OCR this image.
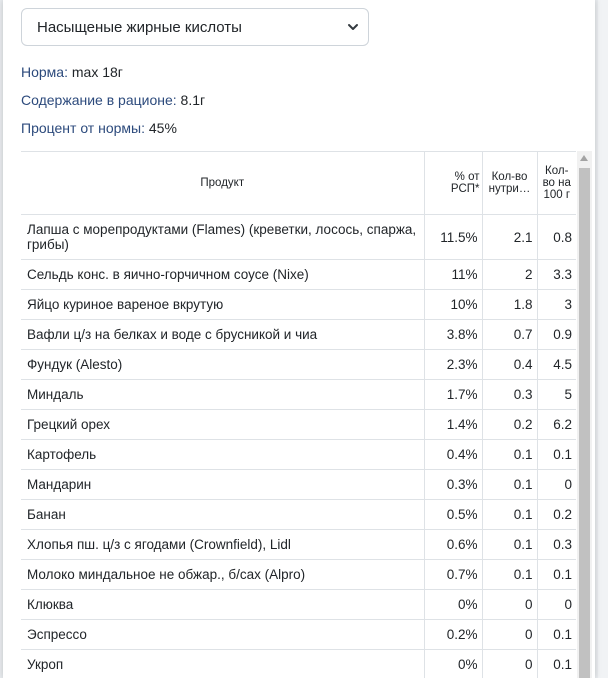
Насыщеные жирные кислоты
Норма: max 18г
Содержание в рационе: 8.1г
Процент от нормы: 45%
Продукт	% от РСП*	Кол-во нутри…	Кол-во на 100 г
Лапша с морепродуктами (Flames) (креветки, лосось, спаржа, грибы)	11.5%	2.1	0.8
Сельдь конс. в яично-горчичном соусе (Nixe)	11%	2	3.3
Яйцо куриное вареное вкрутую	10%	1.8	3
Вафли ц/з на белках и воде с брусникой и чиа	3.8%	0.7	0.9
Фундук (Alesto)	2.3%	0.4	4.5
Миндаль	1.7%	0.3	5
Грецкий орех	1.4%	0.2	6.2
Картофель	0.4%	0.1	0.1
Мандарин	0.3%	0.1	0
Банан	0.5%	0.1	0.2
Хлопья пш. ц/з с ягодами (Crownfield), Lidl	0.6%	0.1	0.3
Молоко миндальное не обжар., б/сах (Alpro)	0.7%	0.1	0.1
Клюква	0%	0	0
Эспрессо	0.2%	0	0.1
Укроп	0%	0	0.1
